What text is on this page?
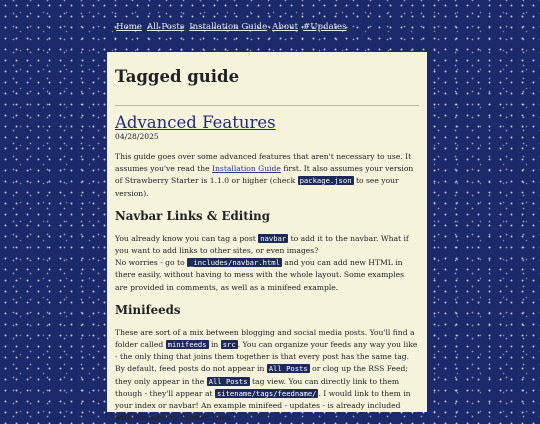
Home All Posts Installation Guide About #Updates
Tagged guide
Advanced Features
04/28/2025

This guide goes over some advanced features that aren't necessary to use. It assumes you've read the Installation Guide first. It also assumes your version of Strawberry Starter is 1.1.0 or higher (check package.json to see your version).

Navbar Links & Editing

You already know you can tag a post navbar to add it to the navbar. What if you want to add links to other sites, or even images?
No worries - go to _includes/navbar.html and you can add new HTML in there easily, without having to mess with the whole layout. Some examples are provided in comments, as well as a minifeed example.

Minifeeds

These are sort of a mix between blogging and social media posts. You'll find a folder called minifeeds in src . You can organize your feeds any way you like - the only thing that joins them together is that every post has the same tag. By default, feed posts do not appear in All Posts or clog up the RSS Feed; they only appear in the All Posts tag view. You can directly link to them though - they'll appear at sitename/tags/feedname/ . I would link to them in your index or navbar! An example minifeed - updates - is already included with Strawberry Starter. Look
